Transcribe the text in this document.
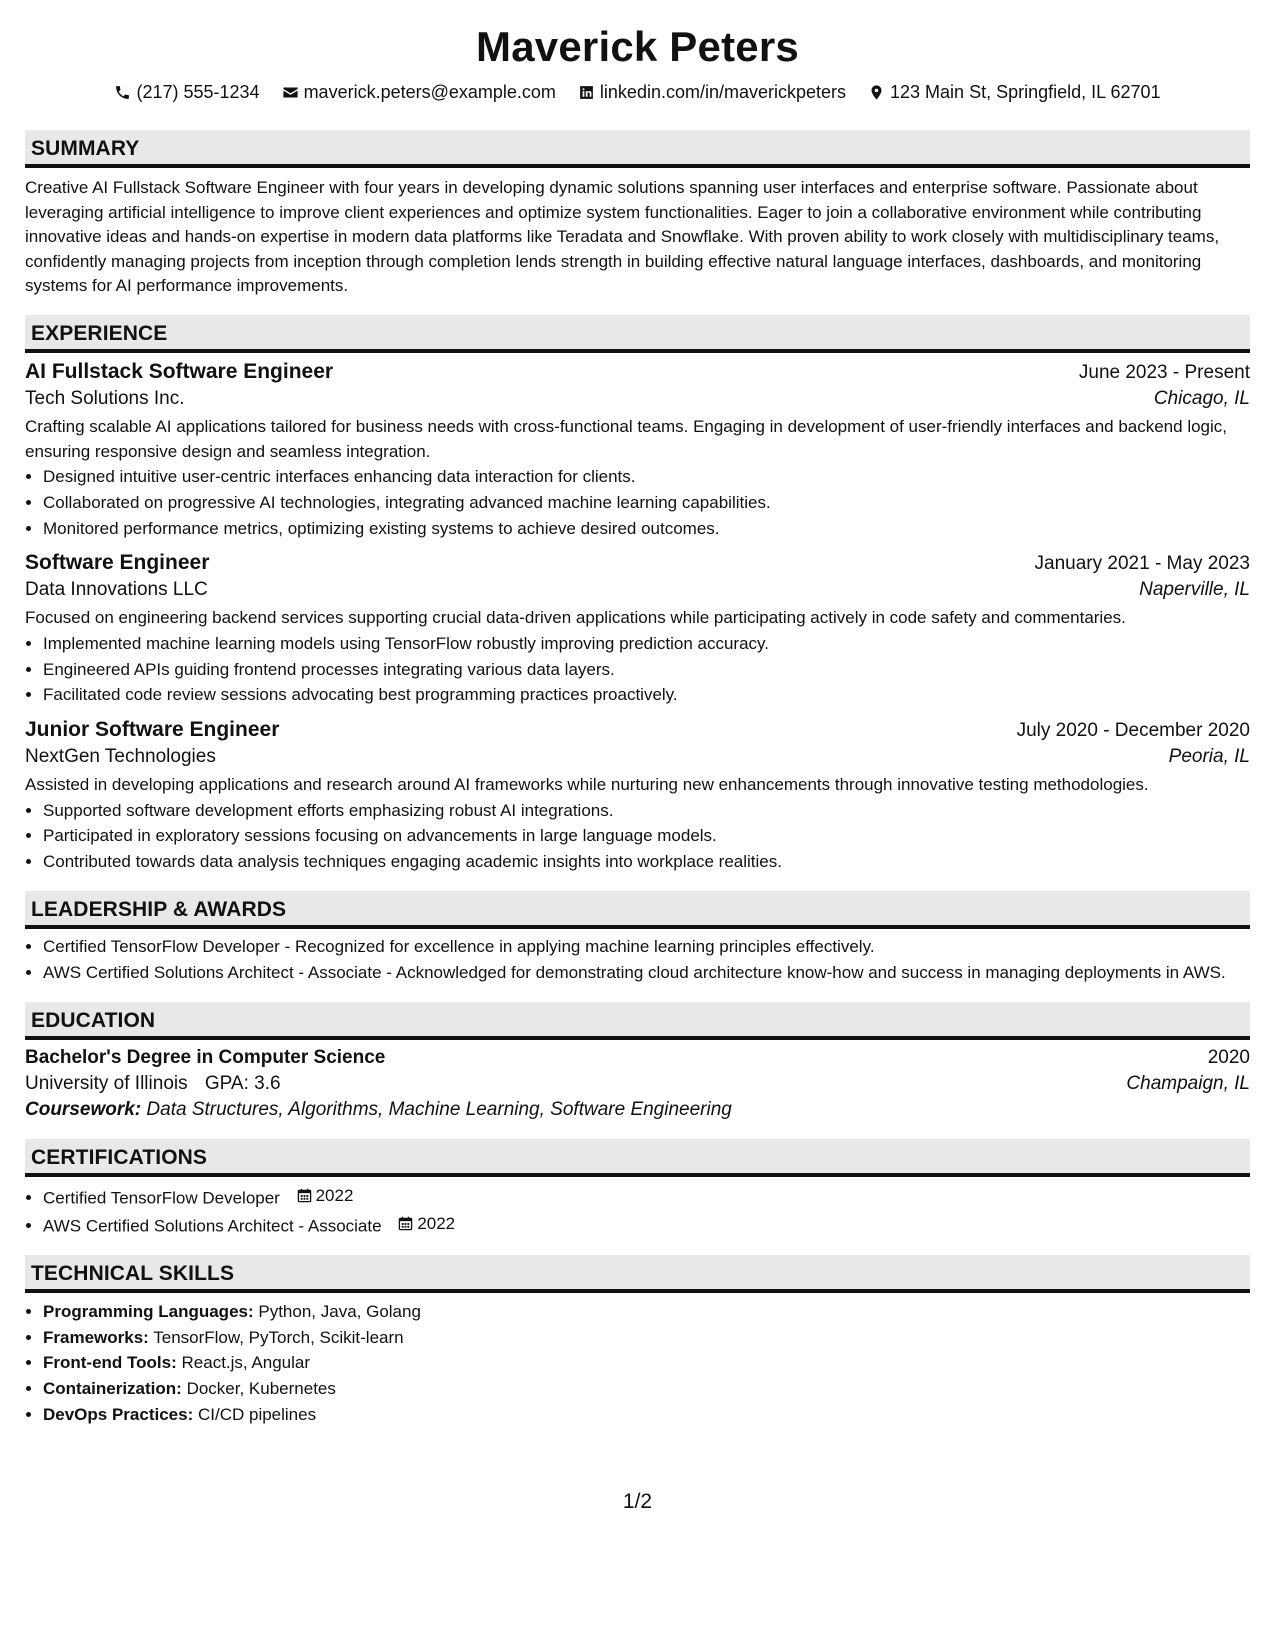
Maverick Peters
(217) 555-1234 maverick.peters@example.com linkedin.com/in/maverickpeters 123 Main St, Springfield, IL 62701
SUMMARY

Creative AI Fullstack Software Engineer with four years in developing dynamic solutions spanning user interfaces and enterprise software. Passionate about leveraging artificial intelligence to improve client experiences and optimize system functionalities. Eager to join a collaborative environment while contributing innovative ideas and hands-on expertise in modern data platforms like Teradata and Snowflake. With proven ability to work closely with multidisciplinary teams, confidently managing projects from inception through completion lends strength in building effective natural language interfaces, dashboards, and monitoring systems for AI performance improvements.

EXPERIENCE
AI Fullstack Software Engineer	June 2023 - Present
Tech Solutions Inc.	Chicago, IL

Crafting scalable AI applications tailored for business needs with cross-functional teams. Engaging in development of user-friendly interfaces and backend logic, ensuring responsive design and seamless integration.

• Designed intuitive user-centric interfaces enhancing data interaction for clients.
• Collaborated on progressive AI technologies, integrating advanced machine learning capabilities.
• Monitored performance metrics, optimizing existing systems to achieve desired outcomes.
Software Engineer	January 2021 - May 2023
Data Innovations LLC	Naperville, IL

Focused on engineering backend services supporting crucial data-driven applications while participating actively in code safety and commentaries.

• Implemented machine learning models using TensorFlow robustly improving prediction accuracy.
• Engineered APIs guiding frontend processes integrating various data layers.
• Facilitated code review sessions advocating best programming practices proactively.
Junior Software Engineer	July 2020 - December 2020
NextGen Technologies	Peoria, IL

Assisted in developing applications and research around AI frameworks while nurturing new enhancements through innovative testing methodologies.

• Supported software development efforts emphasizing robust AI integrations.
• Participated in exploratory sessions focusing on advancements in large language models.
• Contributed towards data analysis techniques engaging academic insights into workplace realities.
LEADERSHIP & AWARDS
• Certified TensorFlow Developer - Recognized for excellence in applying machine learning principles effectively.
• AWS Certified Solutions Architect - Associate - Acknowledged for demonstrating cloud architecture know-how and success in managing deployments in AWS.
EDUCATION
Bachelor's Degree in Computer Science	2020
University of Illinois GPA: 3.6	Champaign, IL
Coursework: Data Structures, Algorithms, Machine Learning, Software Engineering
CERTIFICATIONS
• Certified TensorFlow Developer 2022
• AWS Certified Solutions Architect - Associate 2022
TECHNICAL SKILLS
• Programming Languages: Python, Java, Golang
• Frameworks: TensorFlow, PyTorch, Scikit-learn
• Front-end Tools: React.js, Angular
• Containerization: Docker, Kubernetes
• DevOps Practices: CI/CD pipelines
1/2
